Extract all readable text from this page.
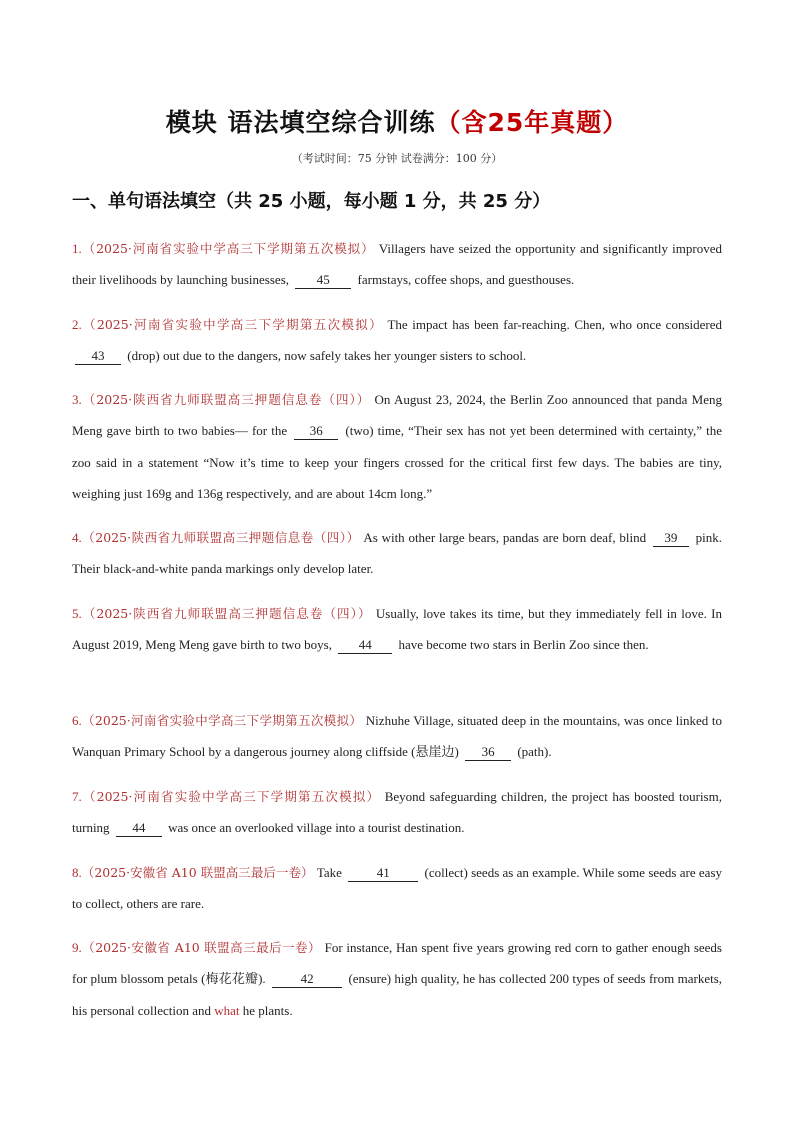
模块 语法填空综合训练（含25年真题）
（考试时间：75 分钟 试卷满分：100 分）
一、单句语法填空（共 25 小题，每小题 1 分，共 25 分）
1.（2025·河南省实验中学高三下学期第五次模拟） Villagers have seized the opportunity and significantly improved their livelihoods by launching businesses, 45 farmstays, coffee shops, and guesthouses.
2.（2025·河南省实验中学高三下学期第五次模拟） The impact has been far-reaching. Chen, who once considered 43 (drop) out due to the dangers, now safely takes her younger sisters to school.
3.（2025·陕西省九师联盟高三押题信息卷（四）） On August 23, 2024, the Berlin Zoo announced that panda Meng Meng gave birth to two babies— for the 36 (two) time, “Their sex has not yet been determined with certainty,” the zoo said in a statement “Now it’s time to keep your fingers crossed for the critical first few days. The babies are tiny, weighing just 169g and 136g respectively, and are about 14cm long.”
4.（2025·陕西省九师联盟高三押题信息卷（四）） As with other large bears, pandas are born deaf, blind 39 pink. Their black-and-white panda markings only develop later.
5.（2025·陕西省九师联盟高三押题信息卷（四）） Usually, love takes its time, but they immediately fell in love. In August 2019, Meng Meng gave birth to two boys, 44 have become two stars in Berlin Zoo since then.
6.（2025·河南省实验中学高三下学期第五次模拟） Nizhuhe Village, situated deep in the mountains, was once linked to Wanquan Primary School by a dangerous journey along cliffside (悬崖边) 36 (path).
7.（2025·河南省实验中学高三下学期第五次模拟） Beyond safeguarding children, the project has boosted tourism, turning 44 was once an overlooked village into a tourist destination.
8.（2025·安徽省 A10 联盟高三最后一卷） Take	41	(collect) seeds as an example. While some seeds are easy to collect, others are rare.
9.（2025·安徽省 A10 联盟高三最后一卷） For instance, Han spent five years growing red corn to gather enough seeds for plum blossom petals (梅花花瓣).	42	(ensure) high quality, he has collected 200 types of seeds from markets, his personal collection and what he plants.
